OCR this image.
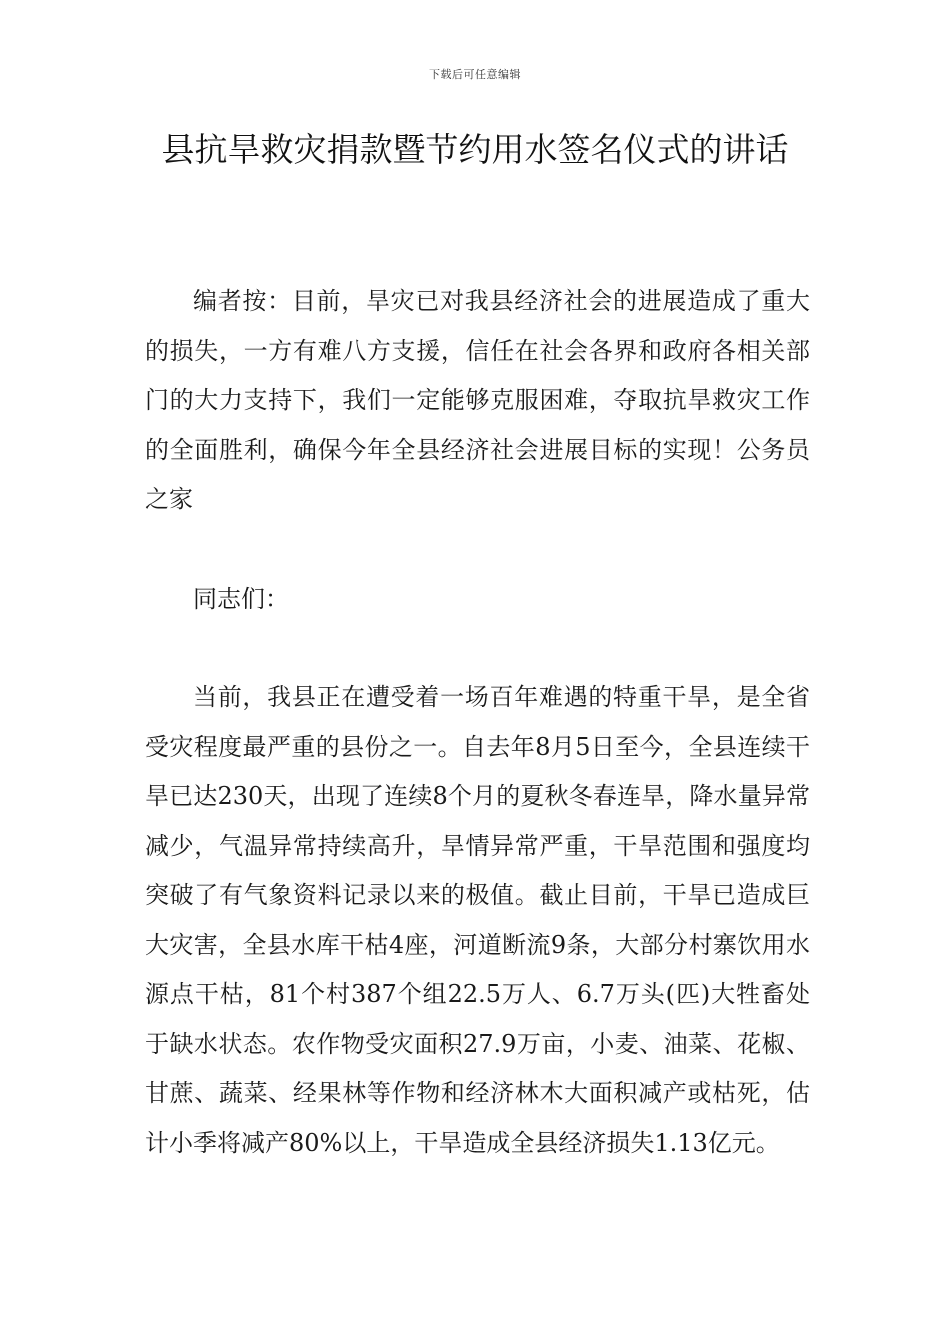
下载后可任意编辑
县抗旱救灾捐款暨节约用水签名仪式的讲话

编者按：目前，旱灾已对我县经济社会的进展造成了重大的损失，一方有难八方支援，信任在社会各界和政府各相关部门的大力支持下，我们一定能够克服困难，夺取抗旱救灾工作的全面胜利，确保今年全县经济社会进展目标的实现！公务员之家

同志们：

当前，我县正在遭受着一场百年难遇的特重干旱，是全省受灾程度最严重的县份之一。自去年8月5日至今，全县连续干旱已达230天，出现了连续8个月的夏秋冬春连旱，降水量异常减少，气温异常持续高升，旱情异常严重，干旱范围和强度均突破了有气象资料记录以来的极值。截止目前，干旱已造成巨大灾害，全县水库干枯4座，河道断流9条，大部分村寨饮用水源点干枯，81个村387个组22.5万人、6.7万头(匹)大牲畜处于缺水状态。农作物受灾面积27.9万亩，小麦、油菜、花椒、甘蔗、蔬菜、经果林等作物和经济林木大面积减产或枯死，估计小季将减产80%以上，干旱造成全县经济损失1.13亿元。
